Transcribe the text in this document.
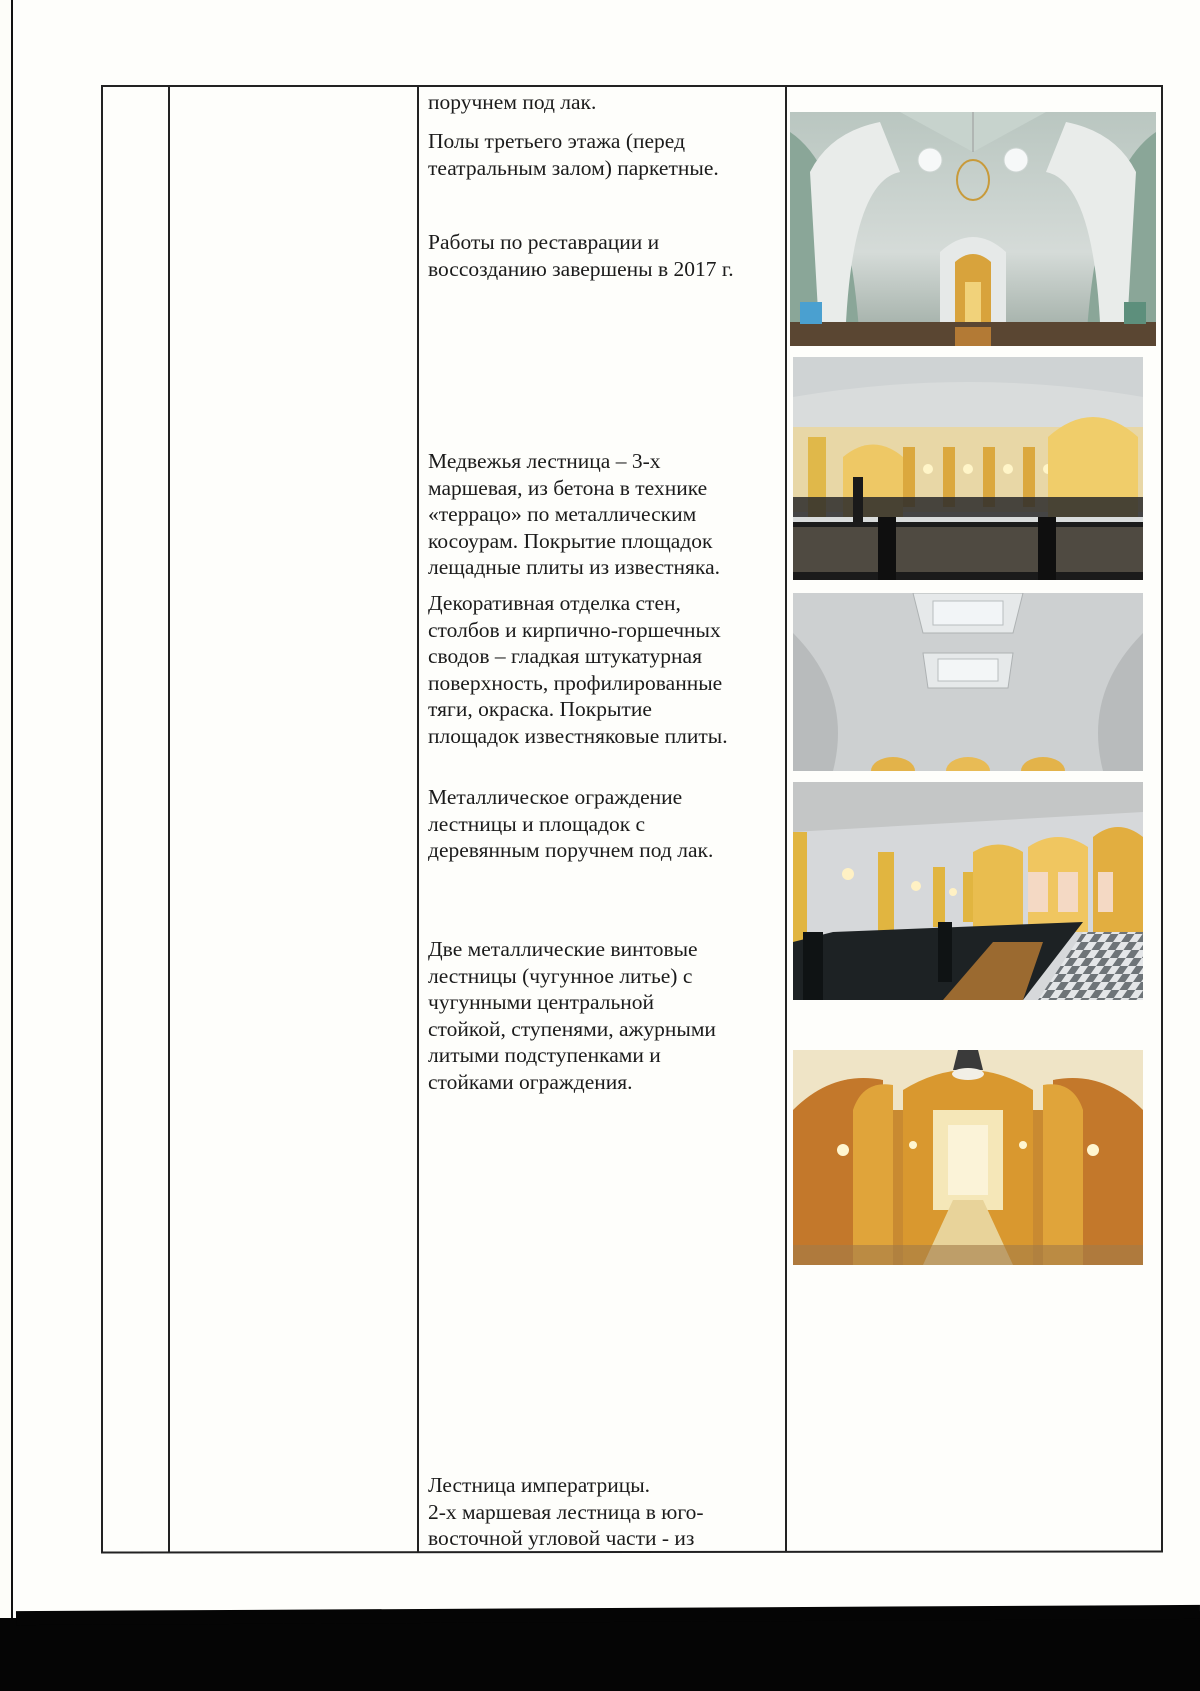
поручнем под лак.

Полы третьего этажа (перед

театральным залом) паркетные.

Работы по реставрации и

воссозданию завершены в 2017 г.

Медвежья лестница – 3-х

маршевая, из бетона в технике

«террацо» по металлическим

косоурам. Покрытие площадок

лещадные плиты из известняка.

Декоративная отделка стен,

столбов и кирпично-горшечных

сводов – гладкая штукатурная

поверхность, профилированные

тяги, окраска. Покрытие

площадок известняковые плиты.

Металлическое ограждение

лестницы и площадок с

деревянным поручнем под лак.

Две металлические винтовые

лестницы (чугунное литье) с

чугунными центральной

стойкой, ступенями, ажурными

литыми подступенками и

стойками ограждения.

Лестница императрицы.

2-х маршевая лестница в юго-

восточной угловой части - из
